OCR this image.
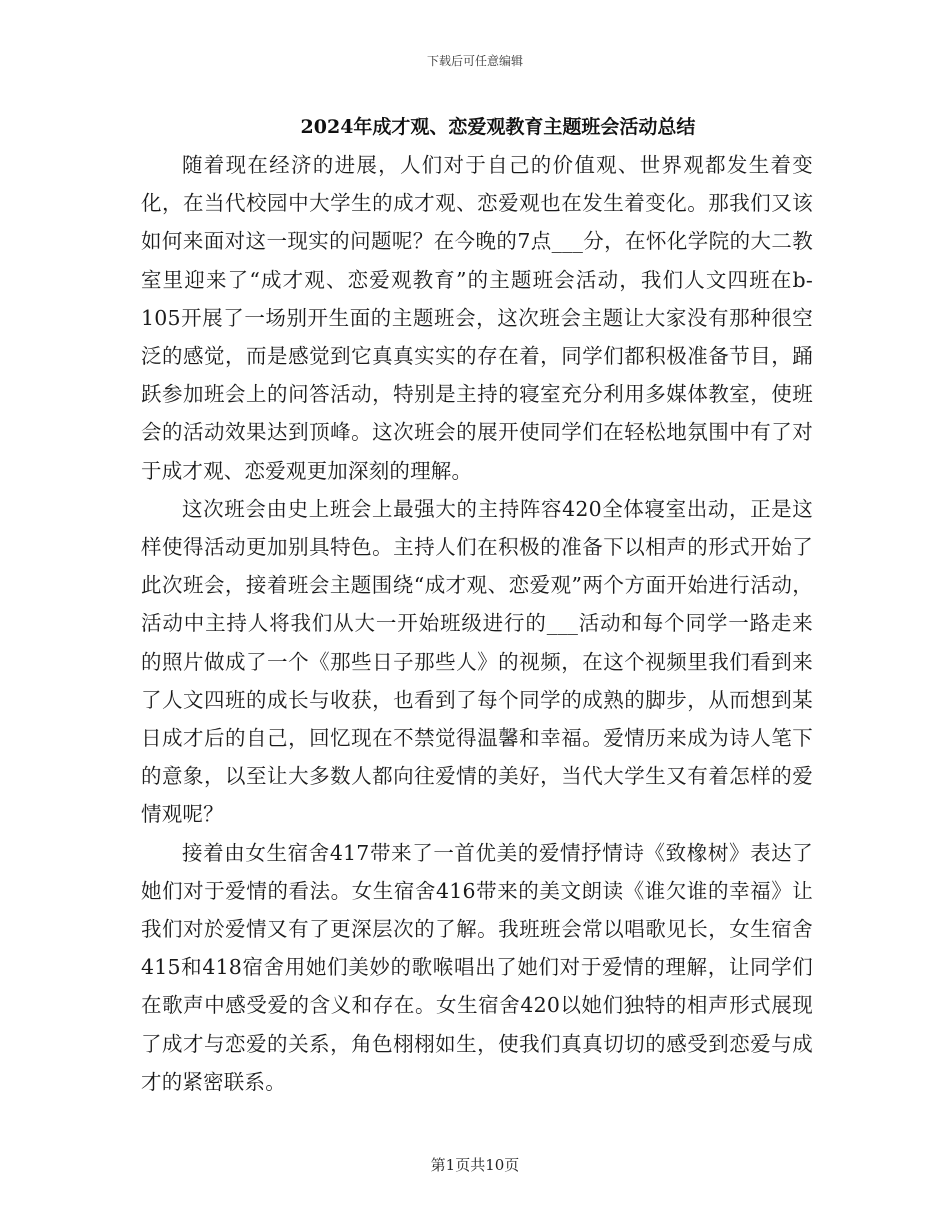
下载后可任意编辑
2024年成才观、恋爱观教育主题班会活动总结

随着现在经济的进展，人们对于自己的价值观、世界观都发生着变化，在当代校园中大学生的成才观、恋爱观也在发生着变化。那我们又该如何来面对这一现实的问题呢？在今晚的7点___分，在怀化学院的大二教室里迎来了“成才观、恋爱观教育”的主题班会活动，我们人文四班在b-105开展了一场别开生面的主题班会，这次班会主题让大家没有那种很空泛的感觉，而是感觉到它真真实实的存在着，同学们都积极准备节目，踊跃参加班会上的问答活动，特别是主持的寝室充分利用多媒体教室，使班会的活动效果达到顶峰。这次班会的展开使同学们在轻松地氛围中有了对于成才观、恋爱观更加深刻的理解。

这次班会由史上班会上最强大的主持阵容420全体寝室出动，正是这样使得活动更加别具特色。主持人们在积极的准备下以相声的形式开始了此次班会，接着班会主题围绕“成才观、恋爱观”两个方面开始进行活动，活动中主持人将我们从大一开始班级进行的___活动和每个同学一路走来的照片做成了一个《那些日子那些人》的视频，在这个视频里我们看到来了人文四班的成长与收获，也看到了每个同学的成熟的脚步，从而想到某日成才后的自己，回忆现在不禁觉得温馨和幸福。爱情历来成为诗人笔下的意象，以至让大多数人都向往爱情的美好，当代大学生又有着怎样的爱情观呢？

接着由女生宿舍417带来了一首优美的爱情抒情诗《致橡树》表达了她们对于爱情的看法。女生宿舍416带来的美文朗读《谁欠谁的幸福》让我们对於爱情又有了更深层次的了解。我班班会常以唱歌见长，女生宿舍415和418宿舍用她们美妙的歌喉唱出了她们对于爱情的理解，让同学们在歌声中感受爱的含义和存在。女生宿舍420以她们独特的相声形式展现了成才与恋爱的关系，角色栩栩如生，使我们真真切切的感受到恋爱与成才的紧密联系。

第1页共10页
